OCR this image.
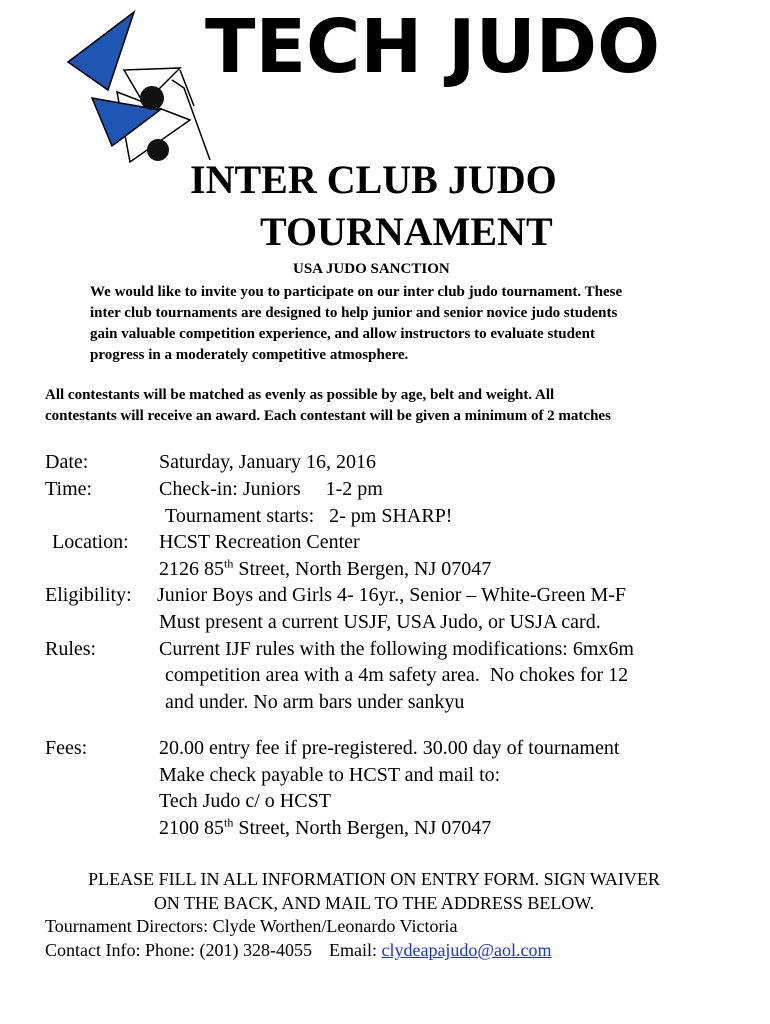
TECH JUDO
INTER CLUB JUDO
TOURNAMENT
USA JUDO SANCTION
We would like to invite you to participate on our inter club judo tournament. These
inter club tournaments are designed to help junior and senior novice judo students
gain valuable competition experience, and allow instructors to evaluate student
progress in a moderately competitive atmosphere.
All contestants will be matched as evenly as possible by age, belt and weight. All
contestants will receive an award. Each contestant will be given a minimum of 2 matches
Date:	Saturday, January 16, 2016
Time:	Check-in: Juniors     1-2 pm
Tournament starts:   2- pm SHARP!
Location: HCST Recreation Center
2126 85th Street, North Bergen, NJ 07047
Eligibility: Junior Boys and Girls 4- 16yr., Senior – White-Green M-F
Must present a current USJF, USA Judo, or USJA card.
Rules:	Current IJF rules with the following modifications: 6mx6m
competition area with a 4m safety area.  No chokes for 12
and under. No arm bars under sankyu
Fees:	20.00 entry fee if pre-registered. 30.00 day of tournament
Make check payable to HCST and mail to:
Tech Judo c/ o HCST
2100 85th Street, North Bergen, NJ 07047
PLEASE FILL IN ALL INFORMATION ON ENTRY FORM. SIGN WAIVER
ON THE BACK, AND MAIL TO THE ADDRESS BELOW.
Tournament Directors: Clyde Worthen/Leonardo Victoria
Contact Info: Phone: (201) 328-4055 Email: clydeapajudo@aol.com
